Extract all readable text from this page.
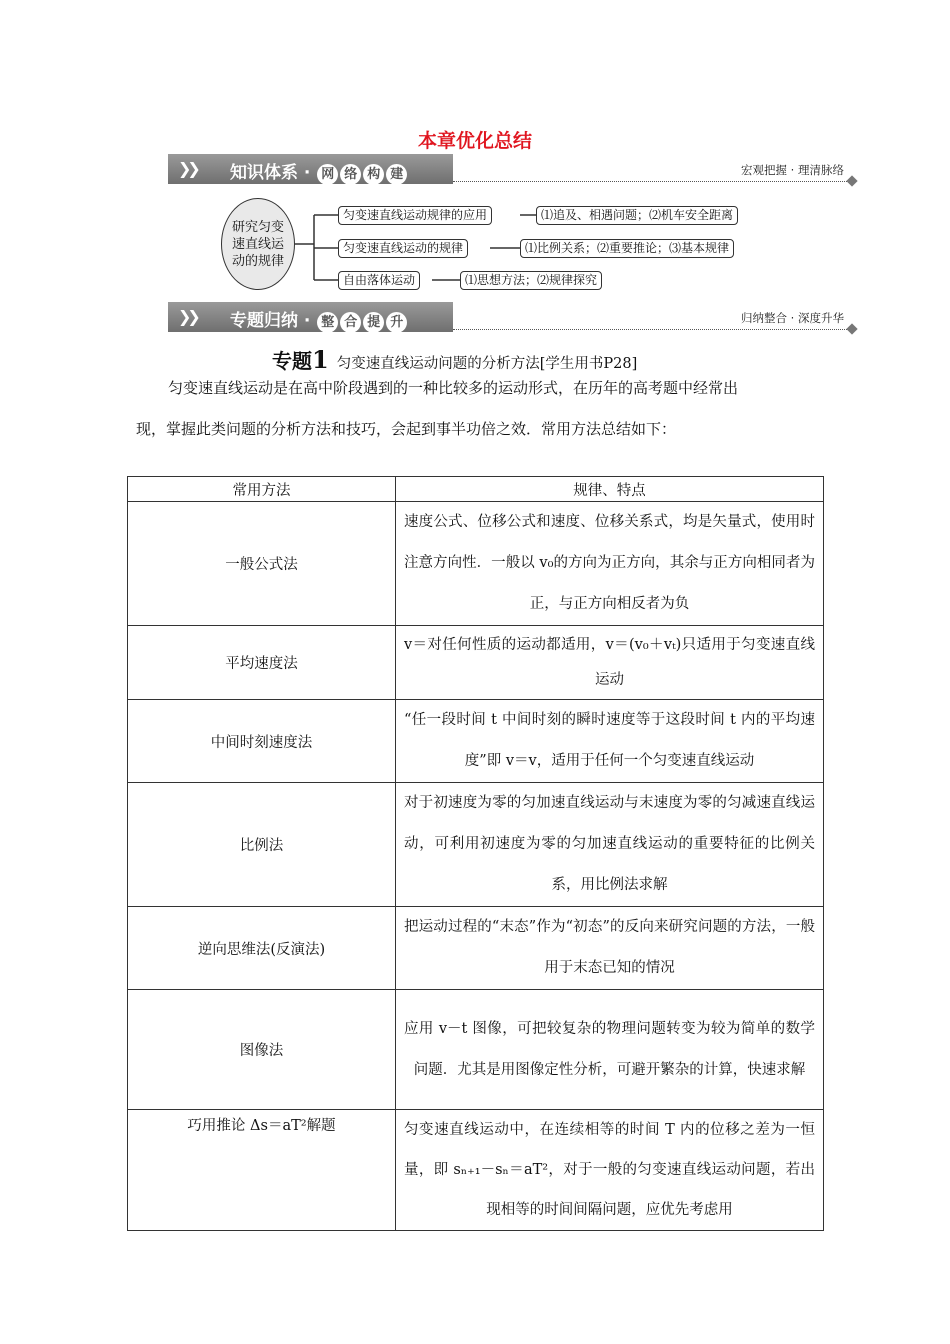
本章优化总结
❯❯ 知识体系 · 网 络 构 建	宏观把握 · 理清脉络
研究匀变速直线运动的规律
匀变速直线运动规律的应用	⑴追及、相遇问题；⑵机车安全距离
匀变速直线运动的规律	⑴比例关系；⑵重要推论；⑶基本规律
自由落体运动	⑴思想方法；⑵规律探究
❯❯ 专题归纳 · 整 合 提 升	归纳整合 · 深度升华
专题1 匀变速直线运动问题的分析方法[学生用书P28]
匀变速直线运动是在高中阶段遇到的一种比较多的运动形式，在历年的高考题中经常出
现，掌握此类问题的分析方法和技巧，会起到事半功倍之效．常用方法总结如下：
常用方法	规律、特点
一般公式法	速度公式、位移公式和速度、位移关系式，均是矢量式，使用时注意方向性．一般以 v₀的方向为正方向，其余与正方向相同者为正，与正方向相反者为负
平均速度法	v＝对任何性质的运动都适用，v＝(v₀＋vₜ)只适用于匀变速直线运动
中间时刻速度法	“任一段时间 t 中间时刻的瞬时速度等于这段时间 t 内的平均速度”即 v＝v，适用于任何一个匀变速直线运动
比例法	对于初速度为零的匀加速直线运动与末速度为零的匀减速直线运动，可利用初速度为零的匀加速直线运动的重要特征的比例关系，用比例法求解
逆向思维法(反演法)	把运动过程的“末态”作为“初态”的反向来研究问题的方法，一般用于末态已知的情况
图像法	应用 v－t 图像，可把较复杂的物理问题转变为较为简单的数学问题．尤其是用图像定性分析，可避开繁杂的计算，快速求解
巧用推论 Δs＝aT²解题	匀变速直线运动中，在连续相等的时间 T 内的位移之差为一恒量，即 sₙ₊₁－sₙ＝aT²，对于一般的匀变速直线运动问题，若出现相等的时间间隔问题，应优先考虑用
